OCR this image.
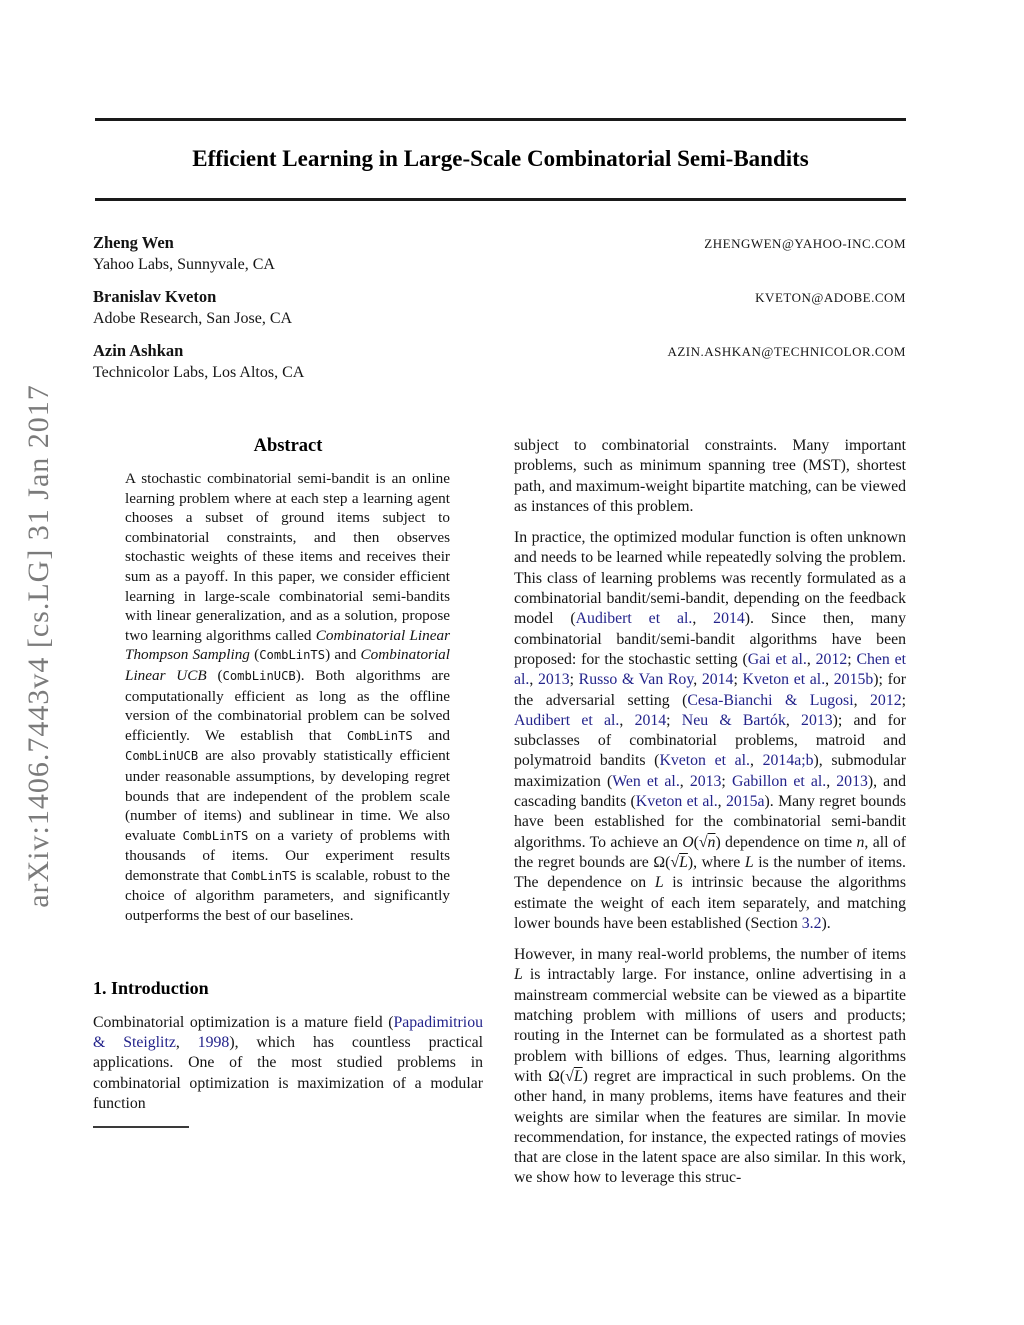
arXiv:1406.7443v4 [cs.LG] 31 Jan 2017
Efficient Learning in Large-Scale Combinatorial Semi-Bandits
Zheng Wen	ZHENGWEN@YAHOO-INC.COM
Yahoo Labs, Sunnyvale, CA
Branislav Kveton	KVETON@ADOBE.COM
Adobe Research, San Jose, CA
Azin Ashkan	AZIN.ASHKAN@TECHNICOLOR.COM
Technicolor Labs, Los Altos, CA
Abstract

A stochastic combinatorial semi-bandit is an online learning problem where at each step a learning agent chooses a subset of ground items subject to combinatorial constraints, and then observes stochastic weights of these items and receives their sum as a payoff. In this paper, we consider efficient learning in large-scale combinatorial semi-bandits with linear generalization, and as a solution, propose two learning algorithms called Combinatorial Linear Thompson Sampling (CombLinTS) and Combinatorial Linear UCB (CombLinUCB). Both algorithms are computationally efficient as long as the offline version of the combinatorial problem can be solved efficiently. We establish that CombLinTS and CombLinUCB are also provably statistically efficient under reasonable assumptions, by developing regret bounds that are independent of the problem scale (number of items) and sublinear in time. We also evaluate CombLinTS on a variety of problems with thousands of items. Our experiment results demonstrate that CombLinTS is scalable, robust to the choice of algorithm parameters, and significantly outperforms the best of our baselines.

1. Introduction

Combinatorial optimization is a mature field (Papadimitriou & Steiglitz, 1998), which has countless practical applications. One of the most studied problems in combinatorial optimization is maximization of a modular function

subject to combinatorial constraints. Many important problems, such as minimum spanning tree (MST), shortest path, and maximum-weight bipartite matching, can be viewed as instances of this problem.

In practice, the optimized modular function is often unknown and needs to be learned while repeatedly solving the problem. This class of learning problems was recently formulated as a combinatorial bandit/semi-bandit, depending on the feedback model (Audibert et al., 2014). Since then, many combinatorial bandit/semi-bandit algorithms have been proposed: for the stochastic setting (Gai et al., 2012; Chen et al., 2013; Russo & Van Roy, 2014; Kveton et al., 2015b); for the adversarial setting (Cesa-Bianchi & Lugosi, 2012; Audibert et al., 2014; Neu & Bartók, 2013); and for subclasses of combinatorial problems, matroid and polymatroid bandits (Kveton et al., 2014a;b), submodular maximization (Wen et al., 2013; Gabillon et al., 2013), and cascading bandits (Kveton et al., 2015a). Many regret bounds have been established for the combinatorial semi-bandit algorithms. To achieve an O(√n) dependence on time n, all of the regret bounds are Ω(√L), where L is the number of items. The dependence on L is intrinsic because the algorithms estimate the weight of each item separately, and matching lower bounds have been established (Section 3.2).

However, in many real-world problems, the number of items L is intractably large. For instance, online advertising in a mainstream commercial website can be viewed as a bipartite matching problem with millions of users and products; routing in the Internet can be formulated as a shortest path problem with billions of edges. Thus, learning algorithms with Ω(√L) regret are impractical in such problems. On the other hand, in many problems, items have features and their weights are similar when the features are similar. In movie recommendation, for instance, the expected ratings of movies that are close in the latent space are also similar. In this work, we show how to leverage this struc-
